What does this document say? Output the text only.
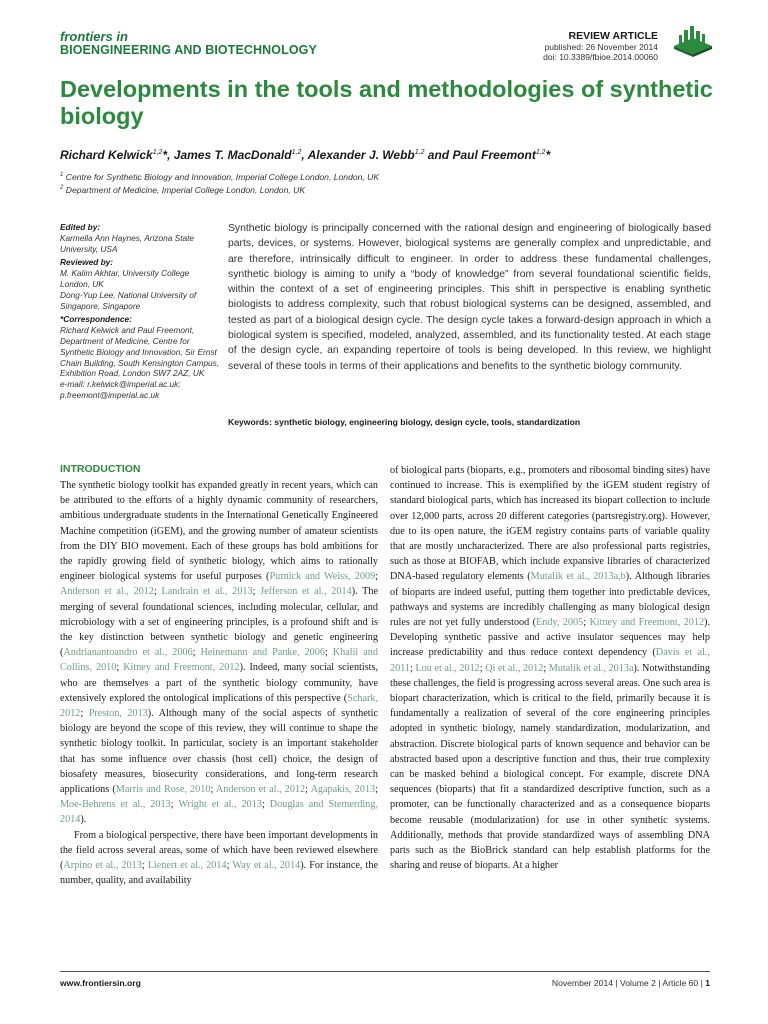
frontiers in
BIOENGINEERING AND BIOTECHNOLOGY
REVIEW ARTICLE
published: 26 November 2014
doi: 10.3389/fbioe.2014.00060
Developments in the tools and methodologies of synthetic biology
Richard Kelwick$^{1,2}$*, James T. MacDonald$^{1,2}$, Alexander J. Webb$^{1,2}$ and Paul Freemont$^{1,2}$*
$^1$ Centre for Synthetic Biology and Innovation, Imperial College London, London, UK
$^2$ Department of Medicine, Imperial College London, London, UK
Edited by:
Karmella Ann Haynes, Arizona State University, USA
Reviewed by:
M. Kalim Akhtar, University College London, UK
Dong-Yup Lee, National University of Singapore, Singapore
*Correspondence:
Richard Kelwick and Paul Freemont, Department of Medicine, Centre for Synthetic Biology and Innovation, Sir Ernst Chain Building, South Kensington Campus, Exhibition Road, London SW7 2AZ, UK
e-mail: r.kelwick@imperial.ac.uk;
p.freemont@imperial.ac.uk

Synthetic biology is principally concerned with the rational design and engineering of biologically based parts, devices, or systems. However, biological systems are generally complex and unpredictable, and are therefore, intrinsically difficult to engineer. In order to address these fundamental challenges, synthetic biology is aiming to unify a “body of knowledge” from several foundational scientific fields, within the context of a set of engineering principles. This shift in perspective is enabling synthetic biologists to address complexity, such that robust biological systems can be designed, assembled, and tested as part of a biological design cycle. The design cycle takes a forward-design approach in which a biological system is specified, modeled, analyzed, assembled, and its functionality tested. At each stage of the design cycle, an expanding repertoire of tools is being developed. In this review, we highlight several of these tools in terms of their applications and benefits to the synthetic biology community.

Keywords: synthetic biology, engineering biology, design cycle, tools, standardization
INTRODUCTION

The synthetic biology toolkit has expanded greatly in recent years, which can be attributed to the efforts of a highly dynamic community of researchers, ambitious undergraduate students in the International Genetically Engineered Machine competition (iGEM), and the growing number of amateur scientists from the DIY BIO movement. Each of these groups has bold ambitions for the rapidly growing field of synthetic biology, which aims to rationally engineer biological systems for useful purposes (Purnick and Weiss, 2009; Anderson et al., 2012; Landrain et al., 2013; Jefferson et al., 2014). The merging of several foundational sciences, including molecular, cellular, and microbiology with a set of engineering principles, is a profound shift and is the key distinction between synthetic biology and genetic engineering (Andrianantoandro et al., 2006; Heinemann and Panke, 2006; Khalil and Collins, 2010; Kitney and Freemont, 2012). Indeed, many social scientists, who are themselves a part of the synthetic biology community, have extensively explored the ontological implications of this perspective (Schark, 2012; Preston, 2013). Although many of the social aspects of synthetic biology are beyond the scope of this review, they will continue to shape the synthetic biology toolkit. In particular, society is an important stakeholder that has some influence over chassis (host cell) choice, the design of biosafety measures, biosecurity considerations, and long-term research applications (Marris and Rose, 2010; Anderson et al., 2012; Agapakis, 2013; Moe-Behrens et al., 2013; Wright et al., 2013; Douglas and Stemerding, 2014).

From a biological perspective, there have been important developments in the field across several areas, some of which have been reviewed elsewhere (Arpino et al., 2013; Lienert et al., 2014; Way et al., 2014). For instance, the number, quality, and availability

of biological parts (bioparts, e.g., promoters and ribosomal binding sites) have continued to increase. This is exemplified by the iGEM student registry of standard biological parts, which has increased its biopart collection to include over 12,000 parts, across 20 different categories (partsregistry.org). However, due to its open nature, the iGEM registry contains parts of variable quality that are mostly uncharacterized. There are also professional parts registries, such as those at BIOFAB, which include expansive libraries of characterized DNA-based regulatory elements (Mutalik et al., 2013a,b). Although libraries of bioparts are indeed useful, putting them together into predictable devices, pathways and systems are incredibly challenging as many biological design rules are not yet fully understood (Endy, 2005; Kitney and Freemont, 2012). Developing synthetic passive and active insulator sequences may help increase predictability and thus reduce context dependency (Davis et al., 2011; Lou et al., 2012; Qi et al., 2012; Mutalik et al., 2013a). Notwithstanding these challenges, the field is progressing across several areas. One such area is biopart characterization, which is critical to the field, primarily because it is fundamentally a realization of several of the core engineering principles adopted in synthetic biology, namely standardization, modularization, and abstraction. Discrete biological parts of known sequence and behavior can be abstracted based upon a descriptive function and thus, their true complexity can be masked behind a biological concept. For example, discrete DNA sequences (bioparts) that fit a standardized descriptive function, such as a promoter, can be functionally characterized and as a consequence bioparts become reusable (modularization) for use in other synthetic systems. Additionally, methods that provide standardized ways of assembling DNA parts such as the BioBrick standard can help establish platforms for the sharing and reuse of bioparts. At a higher

www.frontiersin.org	November 2014 | Volume 2 | Article 60 | 1
